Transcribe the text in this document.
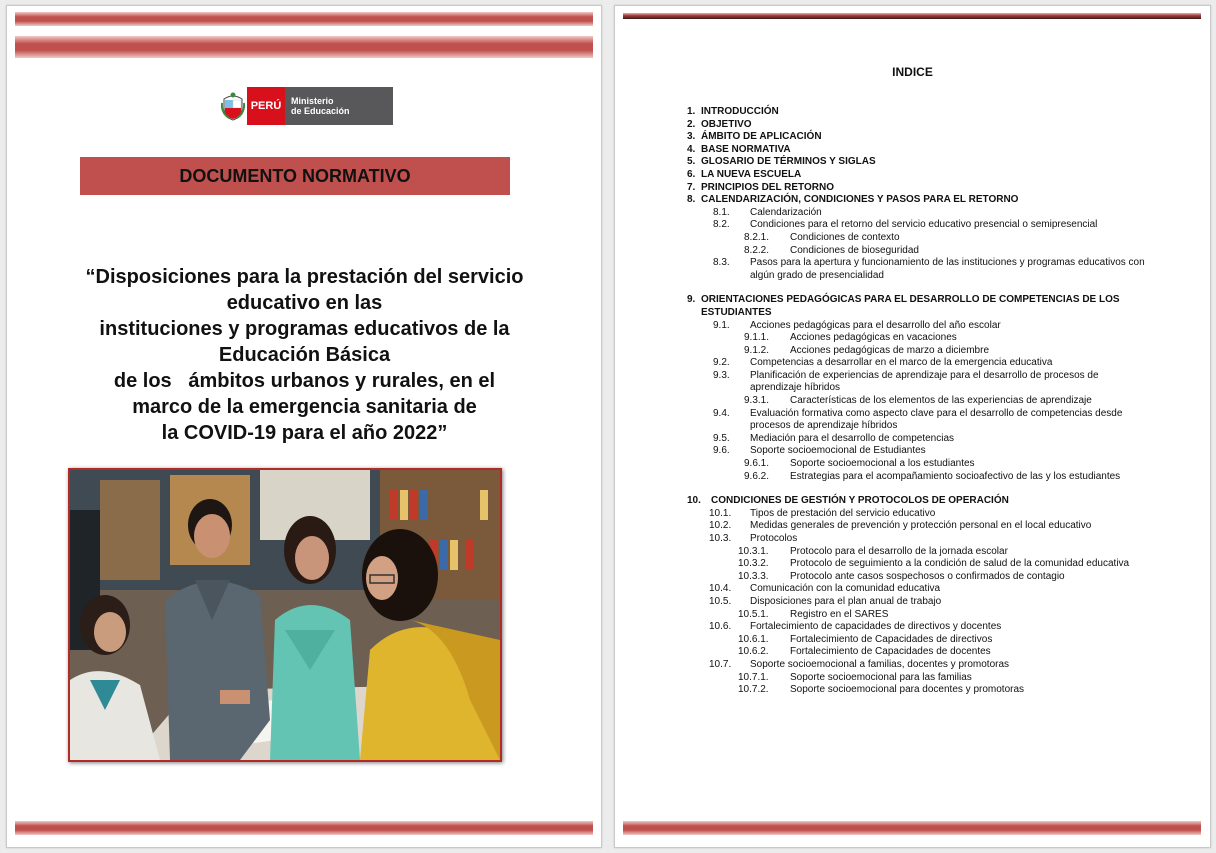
PERÚ	Ministerio
de Educación
DOCUMENTO NORMATIVO
“Disposiciones para la prestación del servicio
educativo en las
instituciones y programas educativos de la
Educación Básica
de los   ámbitos urbanos y rurales, en el
marco de la emergencia sanitaria de
la COVID-19 para el año 2022”
INDICE
1. INTRODUCCIÓN
2. OBJETIVO
3. ÁMBITO DE APLICACIÓN
4. BASE NORMATIVA
5. GLOSARIO DE TÉRMINOS Y SIGLAS
6. LA NUEVA ESCUELA
7. PRINCIPIOS DEL RETORNO
8. CALENDARIZACIÓN, CONDICIONES Y PASOS PARA EL RETORNO
8.1.	Calendarización
8.2.	Condiciones para el retorno del servicio educativo presencial o semipresencial
8.2.1.	Condiciones de contexto
8.2.2.	Condiciones de bioseguridad
8.3.	Pasos para la apertura y funcionamiento de las instituciones y programas educativos con algún grado de presencialidad
9. ORIENTACIONES PEDAGÓGICAS PARA EL DESARROLLO DE COMPETENCIAS DE LOS ESTUDIANTES
9.1.	Acciones pedagógicas para el desarrollo del año escolar
9.1.1.	Acciones pedagógicas en vacaciones
9.1.2.	Acciones pedagógicas de marzo a diciembre
9.2.	Competencias a desarrollar en el marco de la emergencia educativa
9.3.	Planificación de experiencias de aprendizaje para el desarrollo de procesos de aprendizaje híbridos
9.3.1.	Características de los elementos de las experiencias de aprendizaje
9.4.	Evaluación formativa como aspecto clave para el desarrollo de competencias desde procesos de aprendizaje híbridos
9.5.	Mediación para el desarrollo de competencias
9.6.	Soporte socioemocional de Estudiantes
9.6.1.	Soporte socioemocional a los estudiantes
9.6.2.	Estrategias para el acompañamiento socioafectivo de las y los estudiantes
10.	CONDICIONES DE GESTIÓN Y PROTOCOLOS DE OPERACIÓN
10.1.	Tipos de prestación del servicio educativo
10.2.	Medidas generales de prevención y protección personal en el local educativo
10.3.	Protocolos
10.3.1.	Protocolo para el desarrollo de la jornada escolar
10.3.2.	Protocolo de seguimiento a la condición de salud de la comunidad educativa
10.3.3.	Protocolo ante casos sospechosos o confirmados de contagio
10.4.	Comunicación con la comunidad educativa
10.5.	Disposiciones para el plan anual de trabajo
10.5.1.	Registro en el SARES
10.6.	Fortalecimiento de capacidades de directivos y docentes
10.6.1.	Fortalecimiento de Capacidades de directivos
10.6.2.	Fortalecimiento de Capacidades de docentes
10.7.	Soporte socioemocional a familias, docentes y promotoras
10.7.1.	Soporte socioemocional para las familias
10.7.2.	Soporte socioemocional para docentes y promotoras
